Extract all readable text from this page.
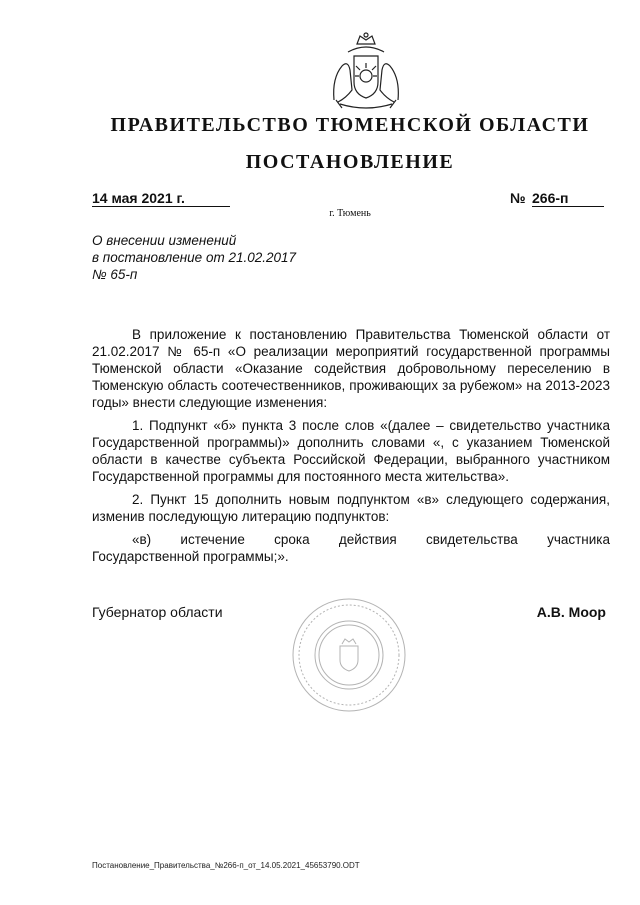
ПРАВИТЕЛЬСТВО ТЮМЕНСКОЙ ОБЛАСТИ
ПОСТАНОВЛЕНИЕ
14 мая 2021 г.	№ 266-п
г. Тюмень
О внесении изменений
в постановление от 21.02.2017
№ 65-п

В приложение к постановлению Правительства Тюменской области от 21.02.2017 № 65-п «О реализации мероприятий государственной программы Тюменской области «Оказание содействия добровольному переселению в Тюменскую область соотечественников, проживающих за рубежом» на 2013-2023 годы» внести следующие изменения:

1. Подпункт «б» пункта 3 после слов «(далее – свидетельство участника Государственной программы)» дополнить словами «, с указанием Тюменской области в качестве субъекта Российской Федерации, выбранного участником Государственной программы для постоянного места жительства».

2. Пункт 15 дополнить новым подпунктом «в» следующего содержания, изменив последующую литерацию подпунктов:

«в) истечение срока действия свидетельства участника

Государственной программы;».

Губернатор области	А.В. Моор
Постановление_Правительства_№266-п_от_14.05.2021_45653790.ODT
